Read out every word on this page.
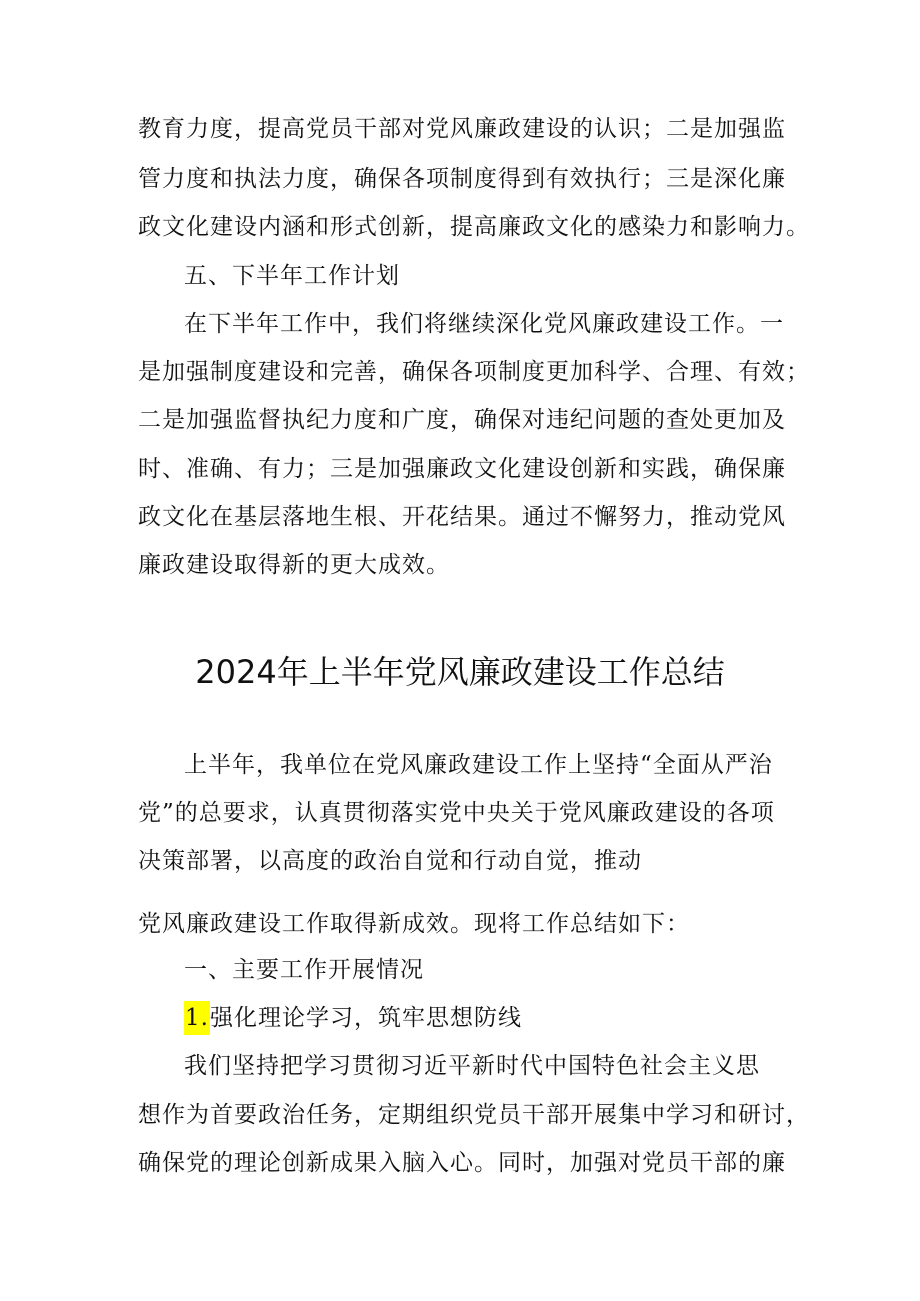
教育力度，提高党员干部对党风廉政建设的认识；二是加强监
管力度和执法力度，确保各项制度得到有效执行；三是深化廉
政文化建设内涵和形式创新，提高廉政文化的感染力和影响力。
五、下半年工作计划
在下半年工作中，我们将继续深化党风廉政建设工作。一
是加强制度建设和完善，确保各项制度更加科学、合理、有效；
二是加强监督执纪力度和广度，确保对违纪问题的查处更加及
时、准确、有力；三是加强廉政文化建设创新和实践，确保廉
政文化在基层落地生根、开花结果。通过不懈努力，推动党风
廉政建设取得新的更大成效。
2024年上半年党风廉政建设工作总结
上半年，我单位在党风廉政建设工作上坚持“全面从严治
党”的总要求，认真贯彻落实党中央关于党风廉政建设的各项
决策部署，以高度的政治自觉和行动自觉，推动
党风廉政建设工作取得新成效。现将工作总结如下：
一、主要工作开展情况
1.强化理论学习，筑牢思想防线
我们坚持把学习贯彻习近平新时代中国特色社会主义思
想作为首要政治任务，定期组织党员干部开展集中学习和研讨，
确保党的理论创新成果入脑入心。同时，加强对党员干部的廉
